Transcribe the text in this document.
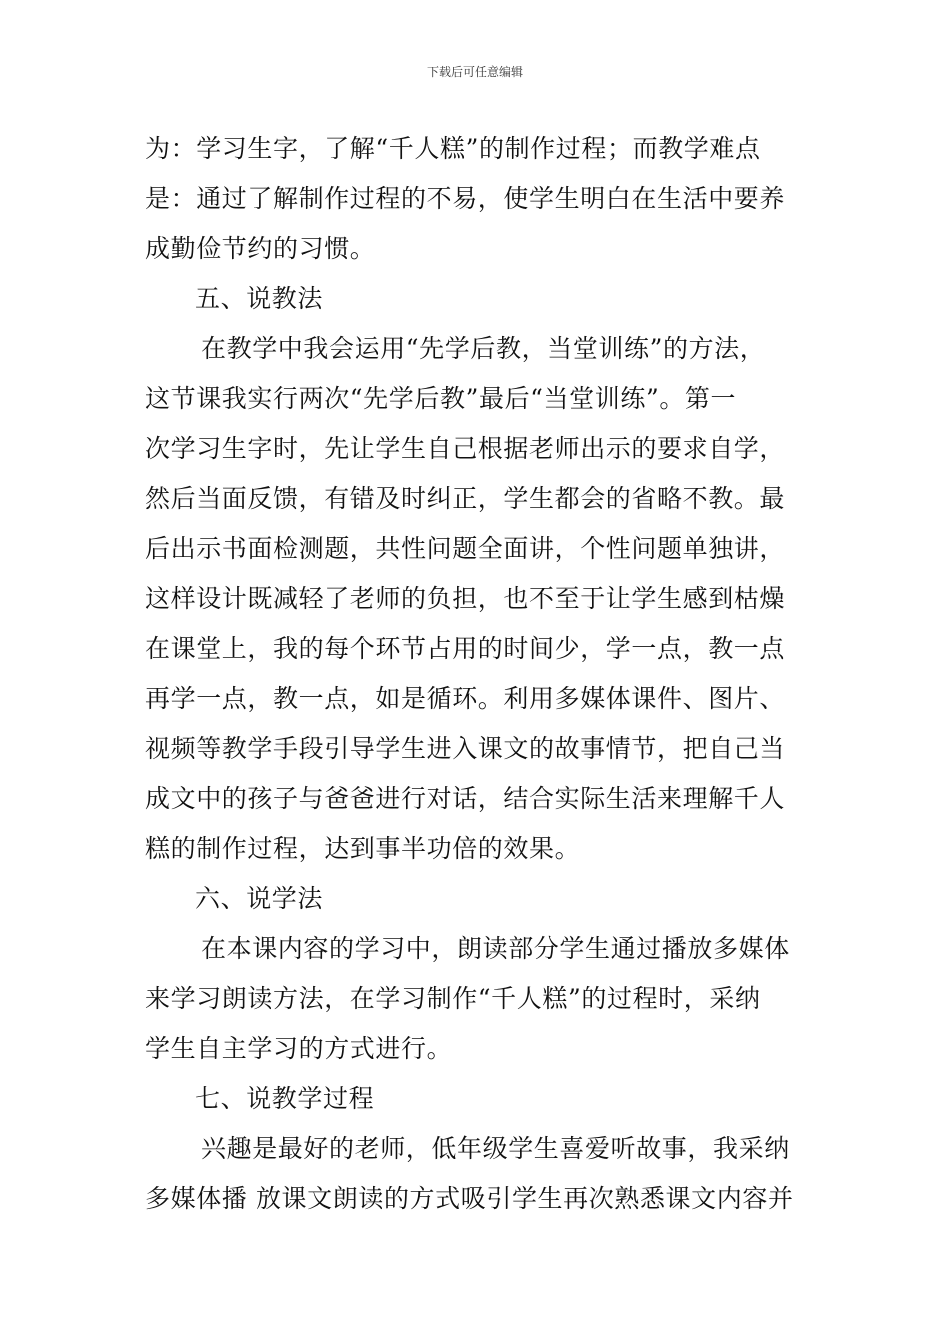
下载后可任意编辑
为：学习生字，了解“千人糕”的制作过程；而教学难点
是：通过了解制作过程的不易，使学生明白在生活中要养
成勤俭节约的习惯。
五、说教法
在教学中我会运用“先学后教，当堂训练”的方法，
这节课我实行两次“先学后教”最后“当堂训练”。第一
次学习生字时，先让学生自己根据老师出示的要求自学，
然后当面反馈，有错及时纠正，学生都会的省略不教。最
后出示书面检测题，共性问题全面讲，个性问题单独讲，
这样设计既减轻了老师的负担，也不至于让学生感到枯燥
在课堂上，我的每个环节占用的时间少，学一点，教一点
再学一点，教一点，如是循环。利用多媒体课件、图片、
视频等教学手段引导学生进入课文的故事情节，把自己当
成文中的孩子与爸爸进行对话，结合实际生活来理解千人
糕的制作过程，达到事半功倍的效果。
六、说学法
在本课内容的学习中，朗读部分学生通过播放多媒体
来学习朗读方法，在学习制作“千人糕”的过程时，采纳
学生自主学习的方式进行。
七、说教学过程
兴趣是最好的老师，低年级学生喜爱听故事，我采纳
多媒体播 放课文朗读的方式吸引学生再次熟悉课文内容并
